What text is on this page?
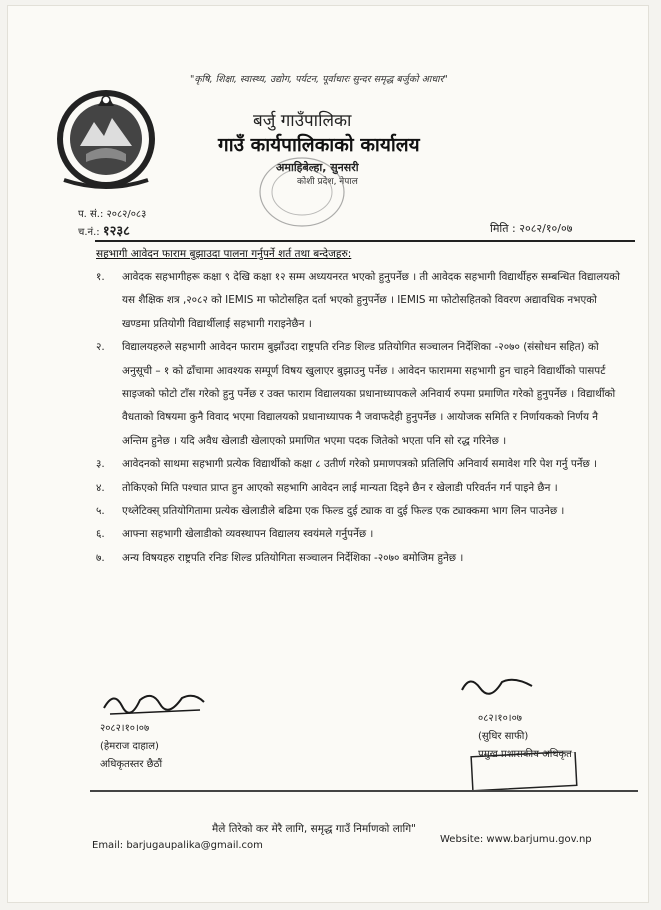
"कृषि, शिक्षा, स्वास्थ्य, उद्योग, पर्यटन, पूर्वाधारः सुन्दर समृद्ध बर्जुको आधार"
बर्जु गाउँपालिका
गाउँ कार्यपालिकाको कार्यालय
अमाहिबेल्हा, सुनसरी
कोशी प्रदेश, नेपाल
प. सं.: २०८२/०८३
च.नं.: १२३८	मिति : २०८२/१०/०७
सहभागी आवेदन फाराम बुझाउदा पालना गर्नुपर्ने शर्त तथा बन्देजहरु:
१. आवेदक सहभागीहरू कक्षा ९ देखि कक्षा १२ सम्म अध्ययनरत भएको हुनुपर्नेछ । ती आवेदक सहभागी विद्यार्थीहरु सम्बन्धित विद्यालयको यस शैक्षिक शत्र ,२०८२ को IEMIS मा फोटोसहित दर्ता भएको हुनुपर्नेछ । IEMIS मा फोटोसहितको विवरण अद्यावधिक नभएको खण्डमा प्रतियोगी विद्यार्थीलाई सहभागी गराइनेछैन ।
२. विद्यालयहरुले सहभागी आवेदन फाराम बुझाँउदा राष्ट्रपति रनिङ शिल्ड प्रतियोगित सञ्चालन निर्देशिका -२०७० (संसोधन सहित) को अनुसूची – १ को ढाँचामा आवश्यक सम्पूर्ण विषय खुलाएर बुझाउनु पर्नेछ । आवेदन फाराममा सहभागी हुन चाहने विद्यार्थीको पासपर्ट साइजको फोटो टाँस गरेको हुनु पर्नेछ र उक्त फाराम विद्यालयका प्रधानाध्यापकले अनिवार्य रुपमा प्रमाणित गरेको हुनुपर्नेछ । विद्यार्थीको वैधताको विषयमा कुनै विवाद भएमा विद्यालयको प्रधानाध्यापक नै जवाफदेही हुनुपर्नेछ । आयोजक समिति र निर्णायकको निर्णय नै अन्तिम हुनेछ । यदि अवैध खेलाडी खेलाएको प्रमाणित भएमा पदक जितेको भएता पनि सो रद्ध गरिनेछ ।
३. आवेदनको साथमा सहभागी प्रत्येक विद्यार्थीको कक्षा ८ उतीर्ण गरेको प्रमाणपत्रको प्रतिलिपि अनिवार्य समावेश गरि पेश गर्नु पर्नेछ ।
४. तोकिएको मिति पश्चात प्राप्त हुन आएको सहभागि आवेदन लाई मान्यता दिइने छैन र खेलाडी परिवर्तन गर्न पाइने छैन ।
५. एथ्लेटिक्स् प्रतियोगितामा प्रत्येक खेलाडीले बढिमा एक फिल्ड दुई ट्याक वा दुई फिल्ड एक ट्याक्कमा भाग लिन पाउनेछ ।
६. आफ्ना सहभागी खेलाडीको व्यवस्थापन विद्यालय स्वयंमले गर्नुपर्नेछ ।
७. अन्य विषयहरु राष्ट्रपति रनिङ शिल्ड प्रतियोगिता सञ्चालन निर्देशिका -२०७० बमोजिम हुनेछ ।
२०८२।१०।०७
(हेमराज दाहाल)
अधिकृतस्तर छैठौं
०८२।१०।०७
(सुधिर साफी)
प्रमुख प्रशासकीय अधिकृत
मैले तिरेको कर मेरै लागि, समृद्ध गाउँ निर्माणको लागि"
Email: barjugaupalika@gmail.com
Website: www.barjumu.gov.np
